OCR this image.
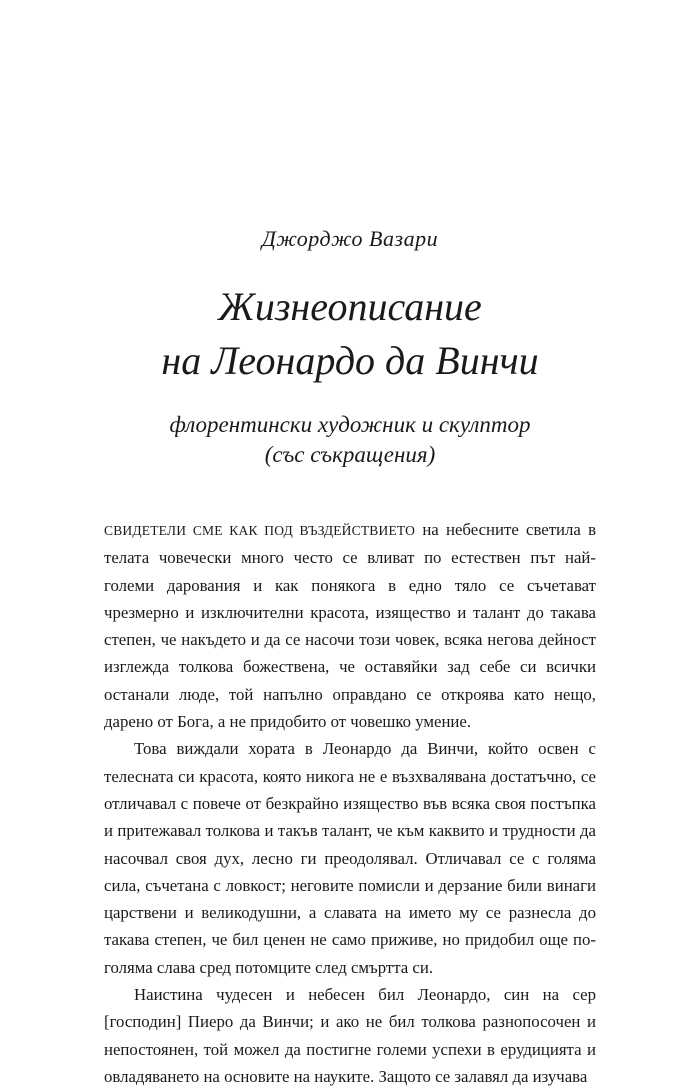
Джорджо Вазари
Жизнеописание
на Леонардо да Винчи
флорентински художник и скулптор
(със съкращения)

СВИДЕТЕЛИ СМЕ КАК ПОД ВЪЗДЕЙСТВИЕТО на небесните светила в телата човечески много често се вливат по естествен път най-големи дарования и как понякога в едно тяло се съчетават чрезмерно и изключителни красота, изящество и талант до такава степен, че накъдето и да се насочи този човек, всяка негова дейност изглежда толкова божествена, че оставяйки зад себе си всички останали люде, той напълно оправдано се откроява като нещо, дарено от Бога, а не придобито от човешко умение.

Това виждали хората в Леонардо да Винчи, който освен с телесната си красота, която никога не е възхвалявана достатъчно, се отличавал с повече от безкрайно изящество във всяка своя постъпка и притежавал толкова и такъв талант, че към каквито и трудности да насочвал своя дух, лесно ги преодолявал. Отличавал се с голяма сила, съчетана с ловкост; неговите помисли и дерзание били винаги царствени и великодушни, а славата на името му се разнесла до такава степен, че бил ценен не само приживе, но придобил още по-голяма слава сред потомците след смъртта си.

Наистина чудесен и небесен бил Леонардо, син на сер [господин] Пиеро да Винчи; и ако не бил толкова разнопосочен и непостоянен, той можел да постигне големи успехи в ерудицията и овладяването на основите на науките. Защото се залавял да изучава
